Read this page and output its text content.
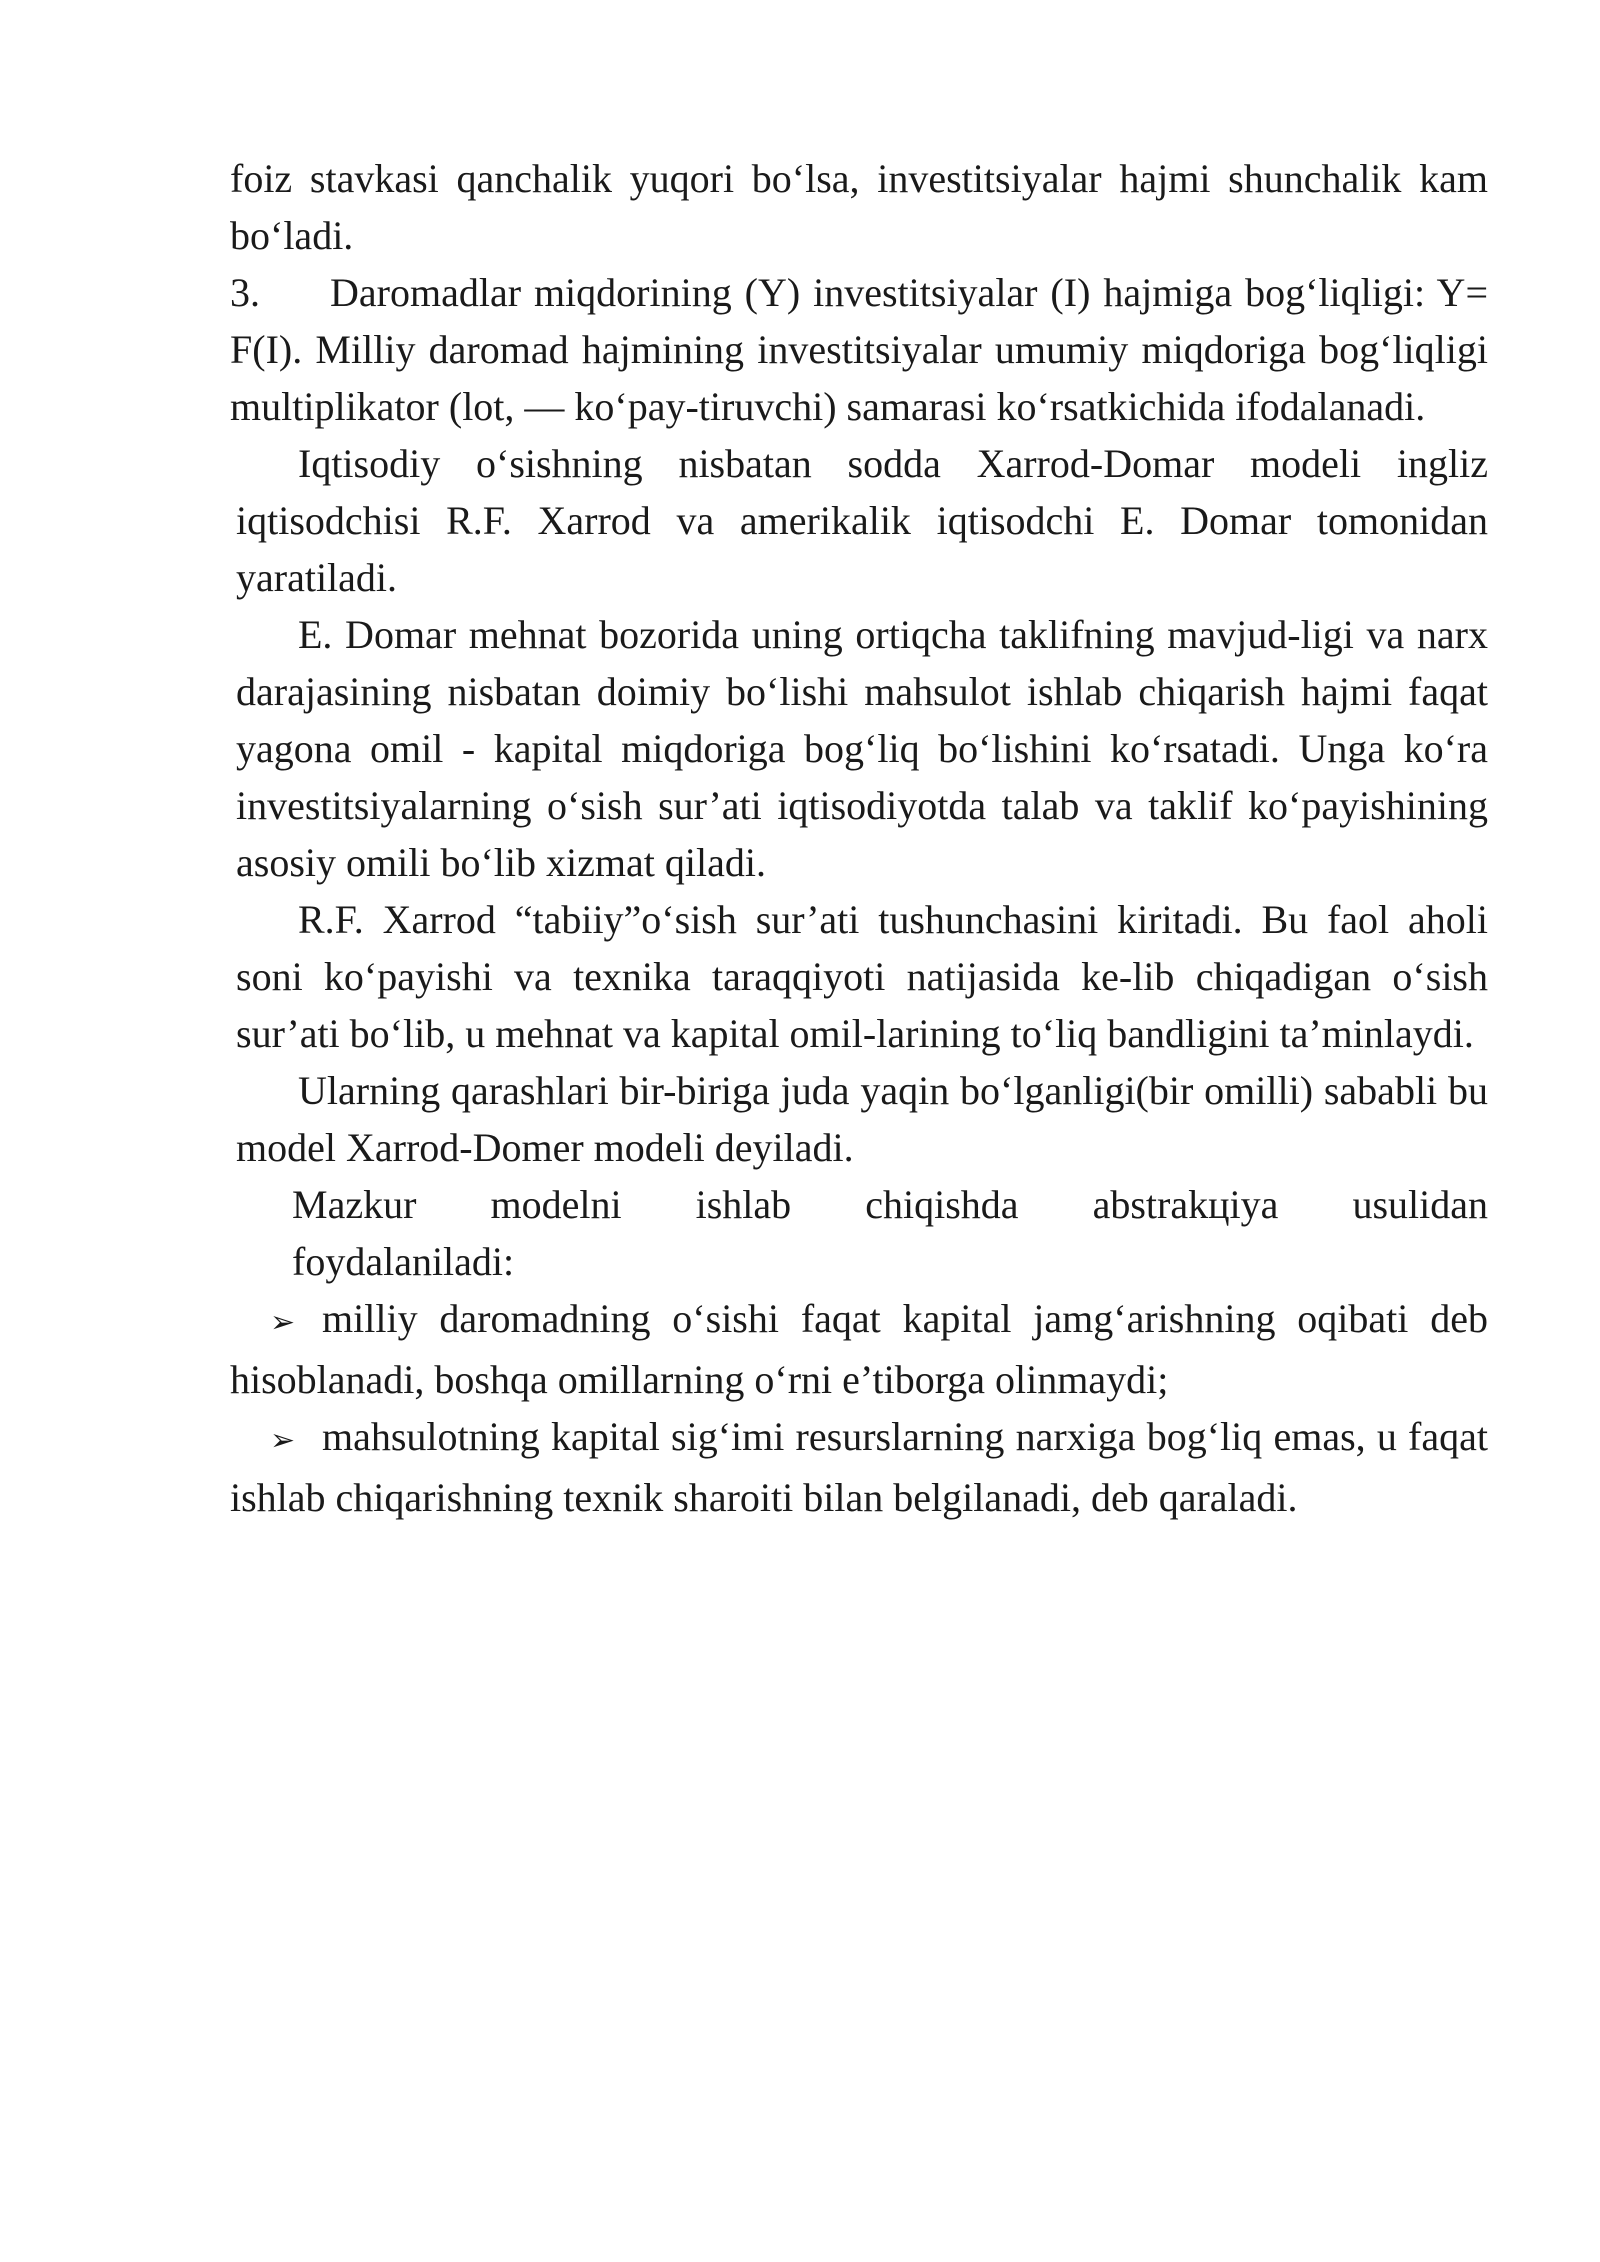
foiz stavkasi qanchalik yuqori bo‘lsa, investitsiyalar hajmi shunchalik kam bo‘ladi.

3. Daromadlar miqdorining (Y) investitsiyalar (I) hajmiga bog‘liqligi: Y= F(I). Milliy daromad hajmining investitsiyalar umumiy miqdoriga bog‘liqligi multiplikator (lot, — ko‘pay-tiruvchi) samarasi ko‘rsatkichida ifodalanadi.

Iqtisodiy o‘sishning nisbatan sodda Xarrod-Domar modeli ingliz iqtisodchisi R.F. Xarrod va amerikalik iqtisodchi E. Domar tomonidan yaratiladi.

E. Domar mehnat bozorida uning ortiqcha taklifning mavjud-ligi va narx darajasining nisbatan doimiy bo‘lishi mahsulot ishlab chiqarish hajmi faqat yagona omil - kapital miqdoriga bog‘liq bo‘lishini ko‘rsatadi. Unga ko‘ra investitsiyalarning o‘sish sur’ati iqtisodiyotda talab va taklif ko‘payishining asosiy omili bo‘lib xizmat qiladi.

R.F. Xarrod “tabiiy”o‘sish sur’ati tushunchasini kiritadi. Bu faol aholi soni ko‘payishi va texnika taraqqiyoti natijasida ke-lib chiqadigan o‘sish sur’ati bo‘lib, u mehnat va kapital omil-larining to‘liq bandligini ta’minlaydi.

Ularning qarashlari bir-biriga juda yaqin bo‘lganligi(bir omilli) sababli bu model Xarrod-Domer modeli deyiladi.

Mazkur modelni ishlab chiqishda abstrakцiya usulidan

foydalaniladi:

➢ milliy daromadning o‘sishi faqat kapital jamg‘arishning oqibati deb hisoblanadi, boshqa omillarning o‘rni e’tiborga olinmaydi;

➢ mahsulotning kapital sig‘imi resurslarning narxiga bog‘liq emas, u faqat ishlab chiqarishning texnik sharoiti bilan belgilanadi, deb qaraladi.
